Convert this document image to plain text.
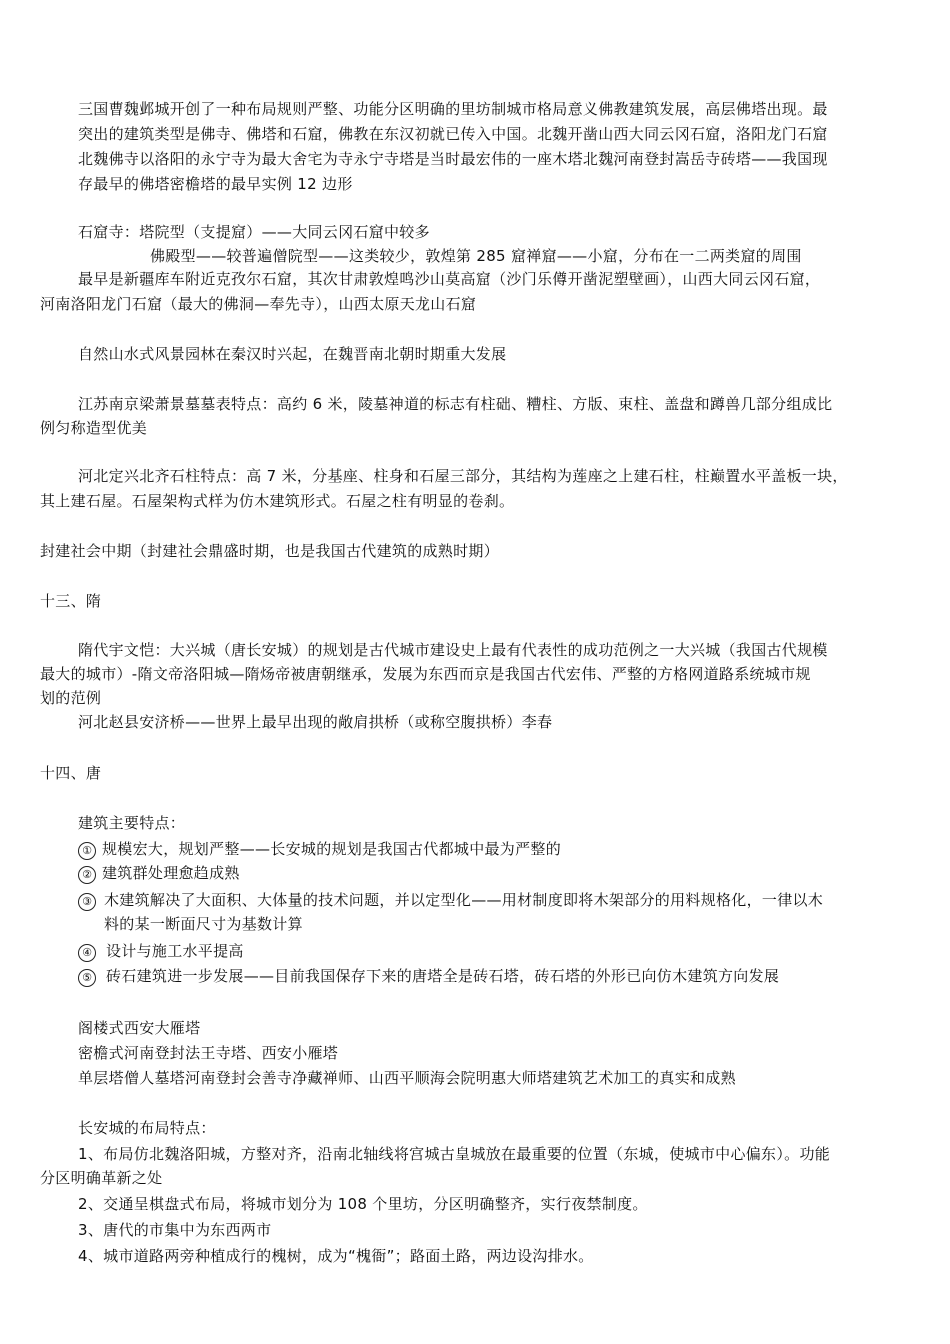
三国曹魏邺城开创了一种布局规则严整、功能分区明确的里坊制城市格局意义佛教建筑发展，高层佛塔出现。最
突出的建筑类型是佛寺、佛塔和石窟，佛教在东汉初就已传入中国。北魏开凿山西大同云冈石窟，洛阳龙门石窟
北魏佛寺以洛阳的永宁寺为最大舍宅为寺永宁寺塔是当时最宏伟的一座木塔北魏河南登封嵩岳寺砖塔——我国现
存最早的佛塔密檐塔的最早实例 12 边形
石窟寺：塔院型（支提窟）——大同云冈石窟中较多
佛殿型——较普遍僧院型——这类较少，敦煌第 285 窟禅窟——小窟，分布在一二两类窟的周围
最早是新疆库车附近克孜尔石窟，其次甘肃敦煌鸣沙山莫高窟（沙门乐僔开凿泥塑壁画），山西大同云冈石窟，
河南洛阳龙门石窟（最大的佛洞—奉先寺），山西太原天龙山石窟
自然山水式风景园林在秦汉时兴起，在魏晋南北朝时期重大发展
江苏南京梁萧景墓墓表特点：高约 6 米，陵墓神道的标志有柱础、糟柱、方版、束柱、盖盘和蹲兽几部分组成比
例匀称造型优美
河北定兴北齐石柱特点：高 7 米，分基座、柱身和石屋三部分，其结构为莲座之上建石柱，柱巅置水平盖板一块，
其上建石屋。石屋架构式样为仿木建筑形式。石屋之柱有明显的卷刹。
封建社会中期（封建社会鼎盛时期，也是我国古代建筑的成熟时期）
十三、隋
隋代宇文恺：大兴城（唐长安城）的规划是古代城市建设史上最有代表性的成功范例之一大兴城（我国古代规模
最大的城市）-隋文帝洛阳城—隋炀帝被唐朝继承，发展为东西而京是我国古代宏伟、严整的方格网道路系统城市规
划的范例
河北赵县安济桥——世界上最早出现的敞肩拱桥（或称空腹拱桥）李春
十四、唐
建筑主要特点：
① 规模宏大，规划严整——长安城的规划是我国古代都城中最为严整的
② 建筑群处理愈趋成熟
③ 木建筑解决了大面积、大体量的技术问题，并以定型化——用材制度即将木架部分的用料规格化，一律以木
料的某一断面尺寸为基数计算
④ 设计与施工水平提高
⑤ 砖石建筑进一步发展——目前我国保存下来的唐塔全是砖石塔，砖石塔的外形已向仿木建筑方向发展
阁楼式西安大雁塔
密檐式河南登封法王寺塔、西安小雁塔
单层塔僧人墓塔河南登封会善寺净藏禅师、山西平顺海会院明惠大师塔建筑艺术加工的真实和成熟
长安城的布局特点：
1、布局仿北魏洛阳城，方整对齐，沿南北轴线将宫城古皇城放在最重要的位置（东城，使城市中心偏东）。功能
分区明确革新之处
2、交通呈棋盘式布局，将城市划分为 108 个里坊，分区明确整齐，实行夜禁制度。
3、唐代的市集中为东西两市
4、城市道路两旁种植成行的槐树，成为“槐衙”；路面土路，两边设沟排水。
